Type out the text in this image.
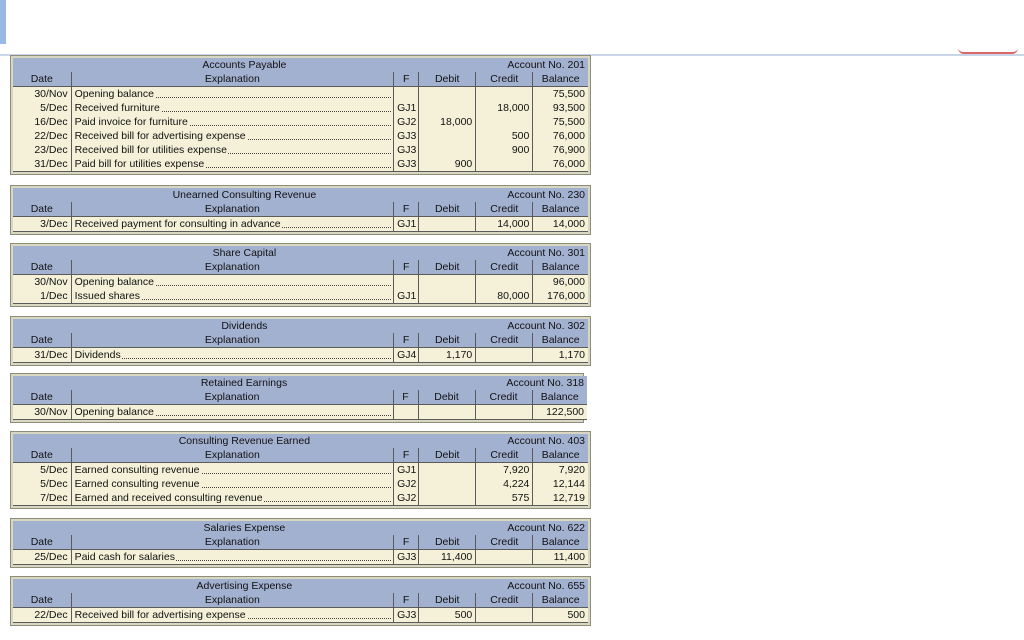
Accounts Payable				Account No. 201	
Date	Explanation	F	Debit	Credit	Balance
30/Nov	Opening balance				75,500
5/Dec	Received furniture	GJ1		18,000	93,500
16/Dec	Paid invoice for furniture	GJ2	18,000		75,500
22/Dec	Received bill for advertising expense	GJ3		500	76,000
23/Dec	Received bill for utilities expense	GJ3		900	76,900
31/Dec	Paid bill for utilities expense	GJ3	900		76,000
Unearned Consulting Revenue				Account No. 230	
Date	Explanation	F	Debit	Credit	Balance
3/Dec	Received payment for consulting in advance	GJ1		14,000	14,000
Share Capital				Account No. 301	
Date	Explanation	F	Debit	Credit	Balance
30/Nov	Opening balance				96,000
1/Dec	Issued shares	GJ1		80,000	176,000
Dividends				Account No. 302	
Date	Explanation	F	Debit	Credit	Balance
31/Dec	Dividends	GJ4	1,170		1,170
Retained Earnings				Account No. 318	
Date	Explanation	F	Debit	Credit	Balance
30/Nov	Opening balance				122,500
Consulting Revenue Earned				Account No. 403	
Date	Explanation	F	Debit	Credit	Balance
5/Dec	Earned consulting revenue	GJ1		7,920	7,920
5/Dec	Earned consulting revenue	GJ2		4,224	12,144
7/Dec	Earned and received consulting revenue	GJ2		575	12,719
Salaries Expense				Account No. 622	
Date	Explanation	F	Debit	Credit	Balance
25/Dec	Paid cash for salaries	GJ3	11,400		11,400
Advertising Expense				Account No. 655	
Date	Explanation	F	Debit	Credit	Balance
22/Dec	Received bill for advertising expense	GJ3	500		500
